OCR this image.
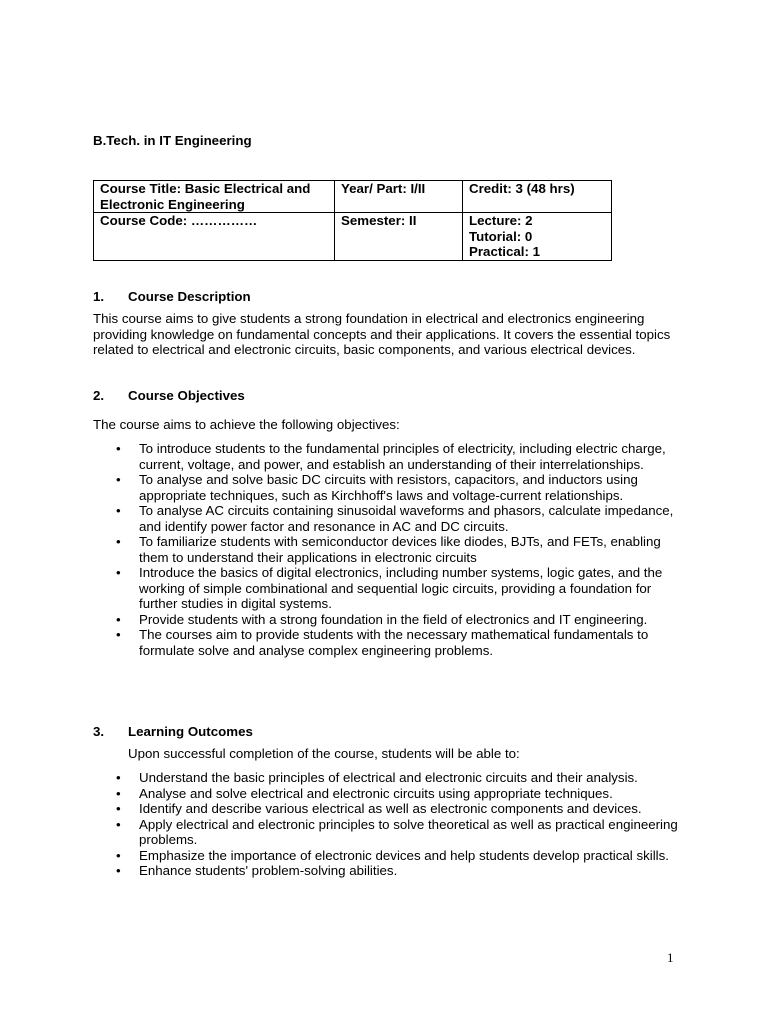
B.Tech. in IT Engineering
Course Title: Basic Electrical and
Electronic Engineering	Year/ Part: I/II	Credit: 3 (48 hrs)

Course Code: ……………	Semester: II	Lecture: 2
Tutorial: 0
Practical: 1
1.	Course Description
This course aims to give students a strong foundation in electrical and electronics engineering providing knowledge on fundamental concepts and their applications. It covers the essential topics related to electrical and electronic circuits, basic components, and various electrical devices.
2.	Course Objectives
The course aims to achieve the following objectives:
• To introduce students to the fundamental principles of electricity, including electric charge, current, voltage, and power, and establish an understanding of their interrelationships.
• To analyse and solve basic DC circuits with resistors, capacitors, and inductors using appropriate techniques, such as Kirchhoff's laws and voltage-current relationships.
• To analyse AC circuits containing sinusoidal waveforms and phasors, calculate impedance, and identify power factor and resonance in AC and DC circuits.
• To familiarize students with semiconductor devices like diodes, BJTs, and FETs, enabling them to understand their applications in electronic circuits
• Introduce the basics of digital electronics, including number systems, logic gates, and the working of simple combinational and sequential logic circuits, providing a foundation for further studies in digital systems.
• Provide students with a strong foundation in the field of electronics and IT engineering.
• The courses aim to provide students with the necessary mathematical fundamentals to formulate solve and analyse complex engineering problems.
3.	Learning Outcomes
Upon successful completion of the course, students will be able to:
• Understand the basic principles of electrical and electronic circuits and their analysis.
• Analyse and solve electrical and electronic circuits using appropriate techniques.
• Identify and describe various electrical as well as electronic components and devices.
• Apply electrical and electronic principles to solve theoretical as well as practical engineering problems.
• Emphasize the importance of electronic devices and help students develop practical skills.
• Enhance students' problem-solving abilities.
1
